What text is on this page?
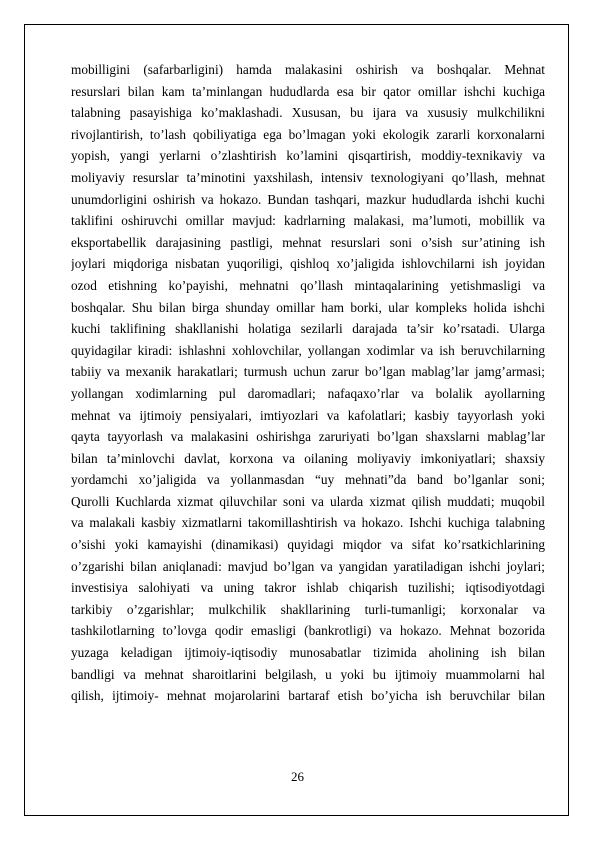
mobilligini (safarbarligini) hamda malakasini oshirish va boshqalar. Mehnat
resurslari bilan kam ta’minlangan hududlarda esa bir qator omillar ishchi kuchiga
talabning pasayishiga ko’maklashadi. Xususan, bu ijara va xususiy mulkchilikni
rivojlantirish, to’lash qobiliyatiga ega bo’lmagan yoki ekologik zararli korxonalarni
yopish, yangi yerlarni o’zlashtirish ko’lamini qisqartirish, moddiy-texnikaviy va
moliyaviy resurslar ta’minotini yaxshilash, intensiv texnologiyani qo’llash, mehnat
unumdorligini oshirish va hokazo. Bundan tashqari, mazkur hududlarda ishchi kuchi
taklifini oshiruvchi omillar mavjud: kadrlarning malakasi, ma’lumoti, mobillik va
eksportabellik darajasining pastligi, mehnat resurslari soni o’sish sur’atining ish
joylari miqdoriga nisbatan yuqoriligi, qishloq xo’jaligida ishlovchilarni ish joyidan
ozod etishning ko’payishi, mehnatni qo’llash mintaqalarining yetishmasligi va
boshqalar. Shu bilan birga shunday omillar ham borki, ular kompleks holida ishchi
kuchi taklifining shakllanishi holatiga sezilarli darajada ta’sir ko’rsatadi. Ularga
quyidagilar kiradi: ishlashni xohlovchilar, yollangan xodimlar va ish beruvchilarning
tabiiy va mexanik harakatlari; turmush uchun zarur bo’lgan mablag’lar jamg’armasi;
yollangan xodimlarning pul daromadlari; nafaqaxo’rlar va bolalik ayollarning
mehnat va ijtimoiy pensiyalari, imtiyozlari va kafolatlari; kasbiy tayyorlash yoki
qayta tayyorlash va malakasini oshirishga zaruriyati bo’lgan shaxslarni mablag’lar
bilan ta’minlovchi davlat, korxona va oilaning moliyaviy imkoniyatlari; shaxsiy
yordamchi xo’jaligida va yollanmasdan “uy mehnati”da band bo’lganlar soni;
Qurolli Kuchlarda xizmat qiluvchilar soni va ularda xizmat qilish muddati; muqobil
va malakali kasbiy xizmatlarni takomillashtirish va hokazo. Ishchi kuchiga talabning
o’sishi yoki kamayishi (dinamikasi) quyidagi miqdor va sifat ko’rsatkichlarining
o’zgarishi bilan aniqlanadi: mavjud bo’lgan va yangidan yaratiladigan ishchi joylari;
investisiya salohiyati va uning takror ishlab chiqarish tuzilishi; iqtisodiyotdagi
tarkibiy o’zgarishlar; mulkchilik shakllarining turli-tumanligi; korxonalar va
tashkilotlarning to’lovga qodir emasligi (bankrotligi) va hokazo. Mehnat bozorida
yuzaga keladigan ijtimoiy-iqtisodiy munosabatlar tizimida aholining ish bilan
bandligi va mehnat sharoitlarini belgilash, u yoki bu ijtimoiy muammolarni hal
qilish, ijtimoiy- mehnat mojarolarini bartaraf etish bo’yicha ish beruvchilar bilan
26
